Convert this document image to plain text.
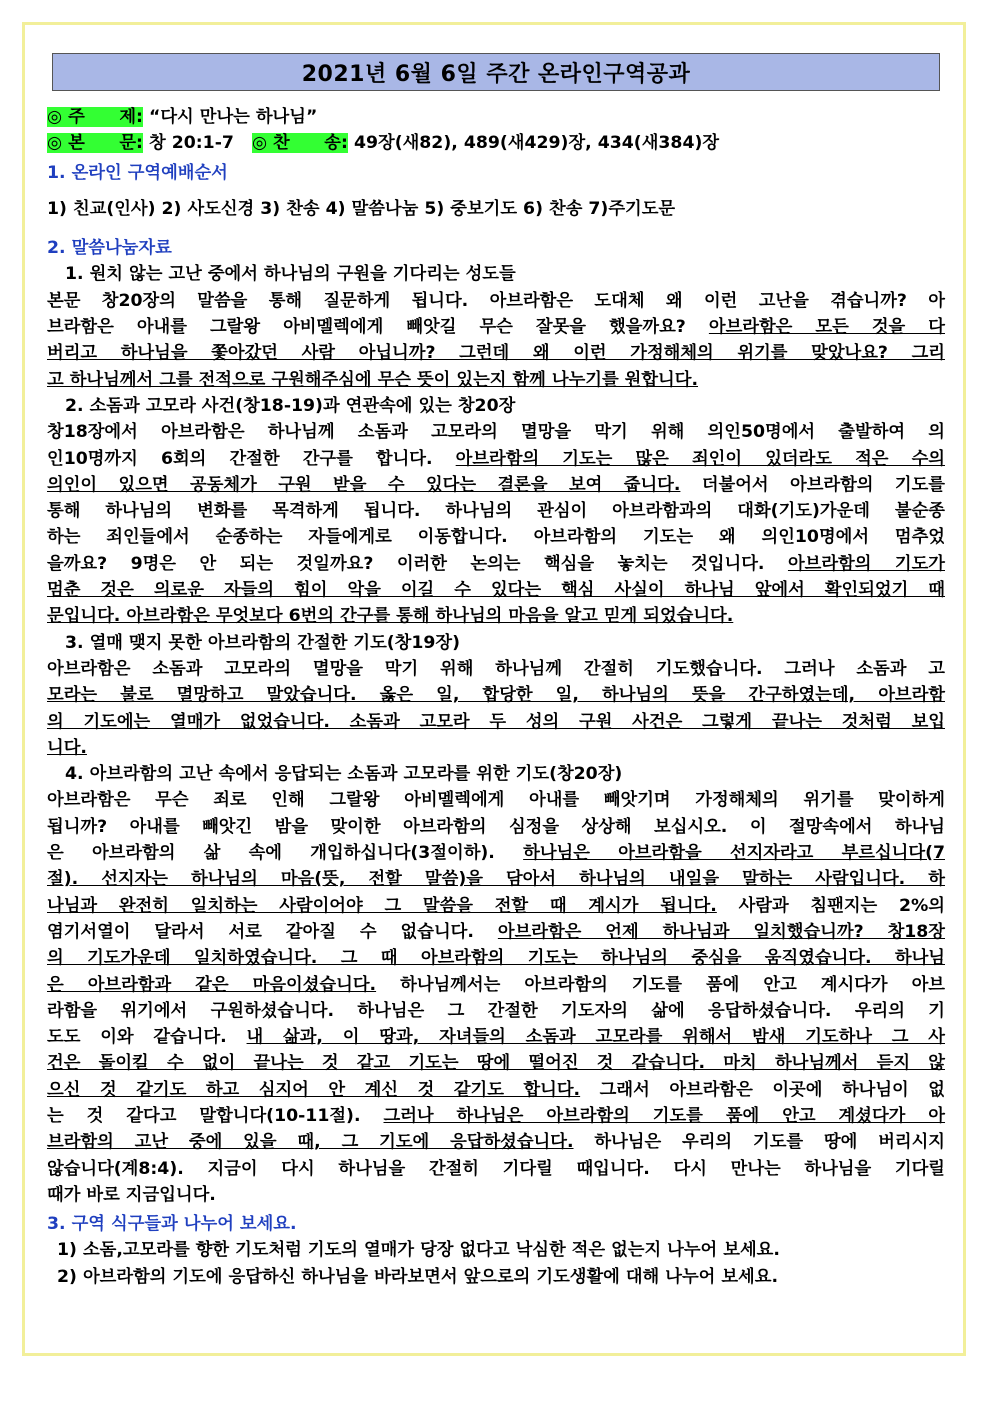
2021년 6월 6일 주간 온라인구역공과
◎ 주　　제: “다시 만나는 하나님”
◎ 본　　문: 창 20:1-7 ◎ 찬　　송: 49장(새82), 489(새429)장, 434(새384)장
1. 온라인 구역예배순서
1) 친교(인사) 2) 사도신경 3) 찬송 4) 말씀나눔 5) 중보기도 6) 찬송 7)주기도문
2. 말씀나눔자료
1. 원치 않는 고난 중에서 하나님의 구원을 기다리는 성도들
본문 창20장의 말씀을 통해 질문하게 됩니다. 아브라함은 도대체 왜 이런 고난을 겪습니까? 아
브라함은 아내를 그랄왕 아비멜렉에게 빼앗길 무슨 잘못을 했을까요? 아브라함은 모든 것을 다
버리고 하나님을 쫓아갔던 사람 아닙니까? 그런데 왜 이런 가정해체의 위기를 맞았나요? 그리
고 하나님께서 그를 전적으로 구원해주심에 무슨 뜻이 있는지 함께 나누기를 원합니다.
2. 소돔과 고모라 사건(창18-19)과 연관속에 있는 창20장
창18장에서 아브라함은 하나님께 소돔과 고모라의 멸망을 막기 위해 의인50명에서 출발하여 의
인10명까지 6회의 간절한 간구를 합니다. 아브라함의 기도는 많은 죄인이 있더라도 적은 수의
의인이 있으면 공동체가 구원 받을 수 있다는 결론을 보여 줍니다. 더불어서 아브라함의 기도를
통해 하나님의 변화를 목격하게 됩니다. 하나님의 관심이 아브라함과의 대화(기도)가운데 불순종
하는 죄인들에서 순종하는 자들에게로 이동합니다. 아브라함의 기도는 왜 의인10명에서 멈추었
을까요? 9명은 안 되는 것일까요? 이러한 논의는 핵심을 놓치는 것입니다. 아브라함의 기도가
멈춘 것은 의로운 자들의 힘이 악을 이길 수 있다는 핵심 사실이 하나님 앞에서 확인되었기 때
문입니다. 아브라함은 무엇보다 6번의 간구를 통해 하나님의 마음을 알고 믿게 되었습니다.
3. 열매 맺지 못한 아브라함의 간절한 기도(창19장)
아브라함은 소돔과 고모라의 멸망을 막기 위해 하나님께 간절히 기도했습니다. 그러나 소돔과 고
모라는 불로 멸망하고 말았습니다. 옳은 일, 합당한 일, 하나님의 뜻을 간구하였는데, 아브라함
의 기도에는 열매가 없었습니다. 소돔과 고모라 두 성의 구원 사건은 그렇게 끝나는 것처럼 보입
니다.
4. 아브라함의 고난 속에서 응답되는 소돔과 고모라를 위한 기도(창20장)
아브라함은 무슨 죄로 인해 그랄왕 아비멜렉에게 아내를 빼앗기며 가정해체의 위기를 맞이하게
됩니까? 아내를 빼앗긴 밤을 맞이한 아브라함의 심정을 상상해 보십시오. 이 절망속에서 하나님
은 아브라함의 삶 속에 개입하십니다(3절이하). 하나님은 아브라함을 선지자라고 부르십니다(7
절). 선지자는 하나님의 마음(뜻, 전할 말씀)을 담아서 하나님의 내일을 말하는 사람입니다. 하
나님과 완전히 일치하는 사람이어야 그 말씀을 전할 때 계시가 됩니다. 사람과 침팬지는 2%의
염기서열이 달라서 서로 같아질 수 없습니다. 아브라함은 언제 하나님과 일치했습니까? 창18장
의 기도가운데 일치하였습니다. 그 때 아브라함의 기도는 하나님의 중심을 움직였습니다. 하나님
은 아브라함과 같은 마음이셨습니다. 하나님께서는 아브라함의 기도를 품에 안고 계시다가 아브
라함을 위기에서 구원하셨습니다. 하나님은 그 간절한 기도자의 삶에 응답하셨습니다. 우리의 기
도도 이와 같습니다. 내 삶과, 이 땅과, 자녀들의 소돔과 고모라를 위해서 밤새 기도하나 그 사
건은 돌이킬 수 없이 끝나는 것 같고 기도는 땅에 떨어진 것 같습니다. 마치 하나님께서 듣지 않
으신 것 같기도 하고 심지어 안 계신 것 같기도 합니다. 그래서 아브라함은 이곳에 하나님이 없
는 것 같다고 말합니다(10-11절). 그러나 하나님은 아브라함의 기도를 품에 안고 계셨다가 아
브라함의 고난 중에 있을 때, 그 기도에 응답하셨습니다. 하나님은 우리의 기도를 땅에 버리시지
않습니다(계8:4). 지금이 다시 하나님을 간절히 기다릴 때입니다. 다시 만나는 하나님을 기다릴
때가 바로 지금입니다.
3. 구역 식구들과 나누어 보세요.
1) 소돔,고모라를 향한 기도처럼 기도의 열매가 당장 없다고 낙심한 적은 없는지 나누어 보세요.
2) 아브라함의 기도에 응답하신 하나님을 바라보면서 앞으로의 기도생활에 대해 나누어 보세요.
